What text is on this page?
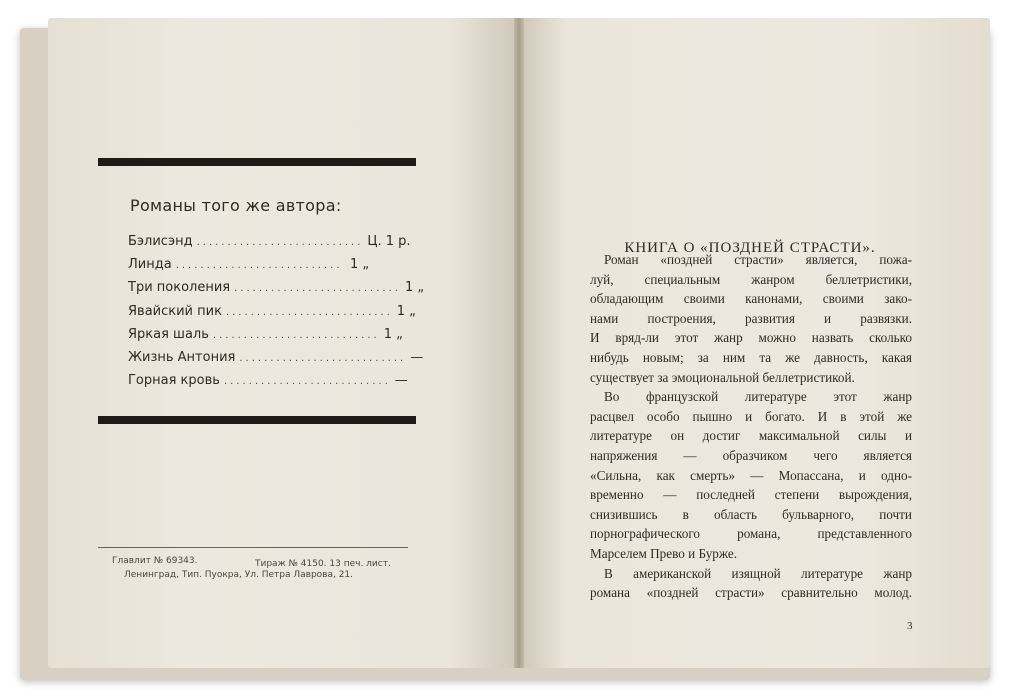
Романы того же автора:
Бэлисэнд ........................... Ц. 1 р.
Линда ........................... 1 „
Три поколения ........................... 1 „
Явайский пик ........................... 1 „
Яркая шаль ........................... 1 „
Жизнь Антония ........................... —
Горная кровь ........................... —
Главлит № 69343.	Тираж № 4150. 13 печ. лист.
Ленинград, Тип. Пуокра, Ул. Петра Лаврова, 21.
КНИГА О «ПОЗДНЕЙ СТРАСТИ».
Роман «поздней страсти» является, пожа-
луй, специальным жанром беллетристики,
обладающим своими канонами, своими зако-
нами построения, развития и развязки.
И вряд-ли этот жанр можно назвать сколько
нибудь новым; за ним та же давность, какая
существует за эмоциональной беллетристикой.
Во французской литературе этот жанр
расцвел особо пышно и богато. И в этой же
литературе он достиг максимальной силы и
напряжения — образчиком чего является
«Сильна, как смерть» — Мопассана, и одно-
временно — последней степени вырождения,
снизившись в область бульварного, почти
порнографического романа, представленного
Марселем Прево и Бурже.
В американской изящной литературе жанр
романа «поздней страсти» сравнительно молод.
3
